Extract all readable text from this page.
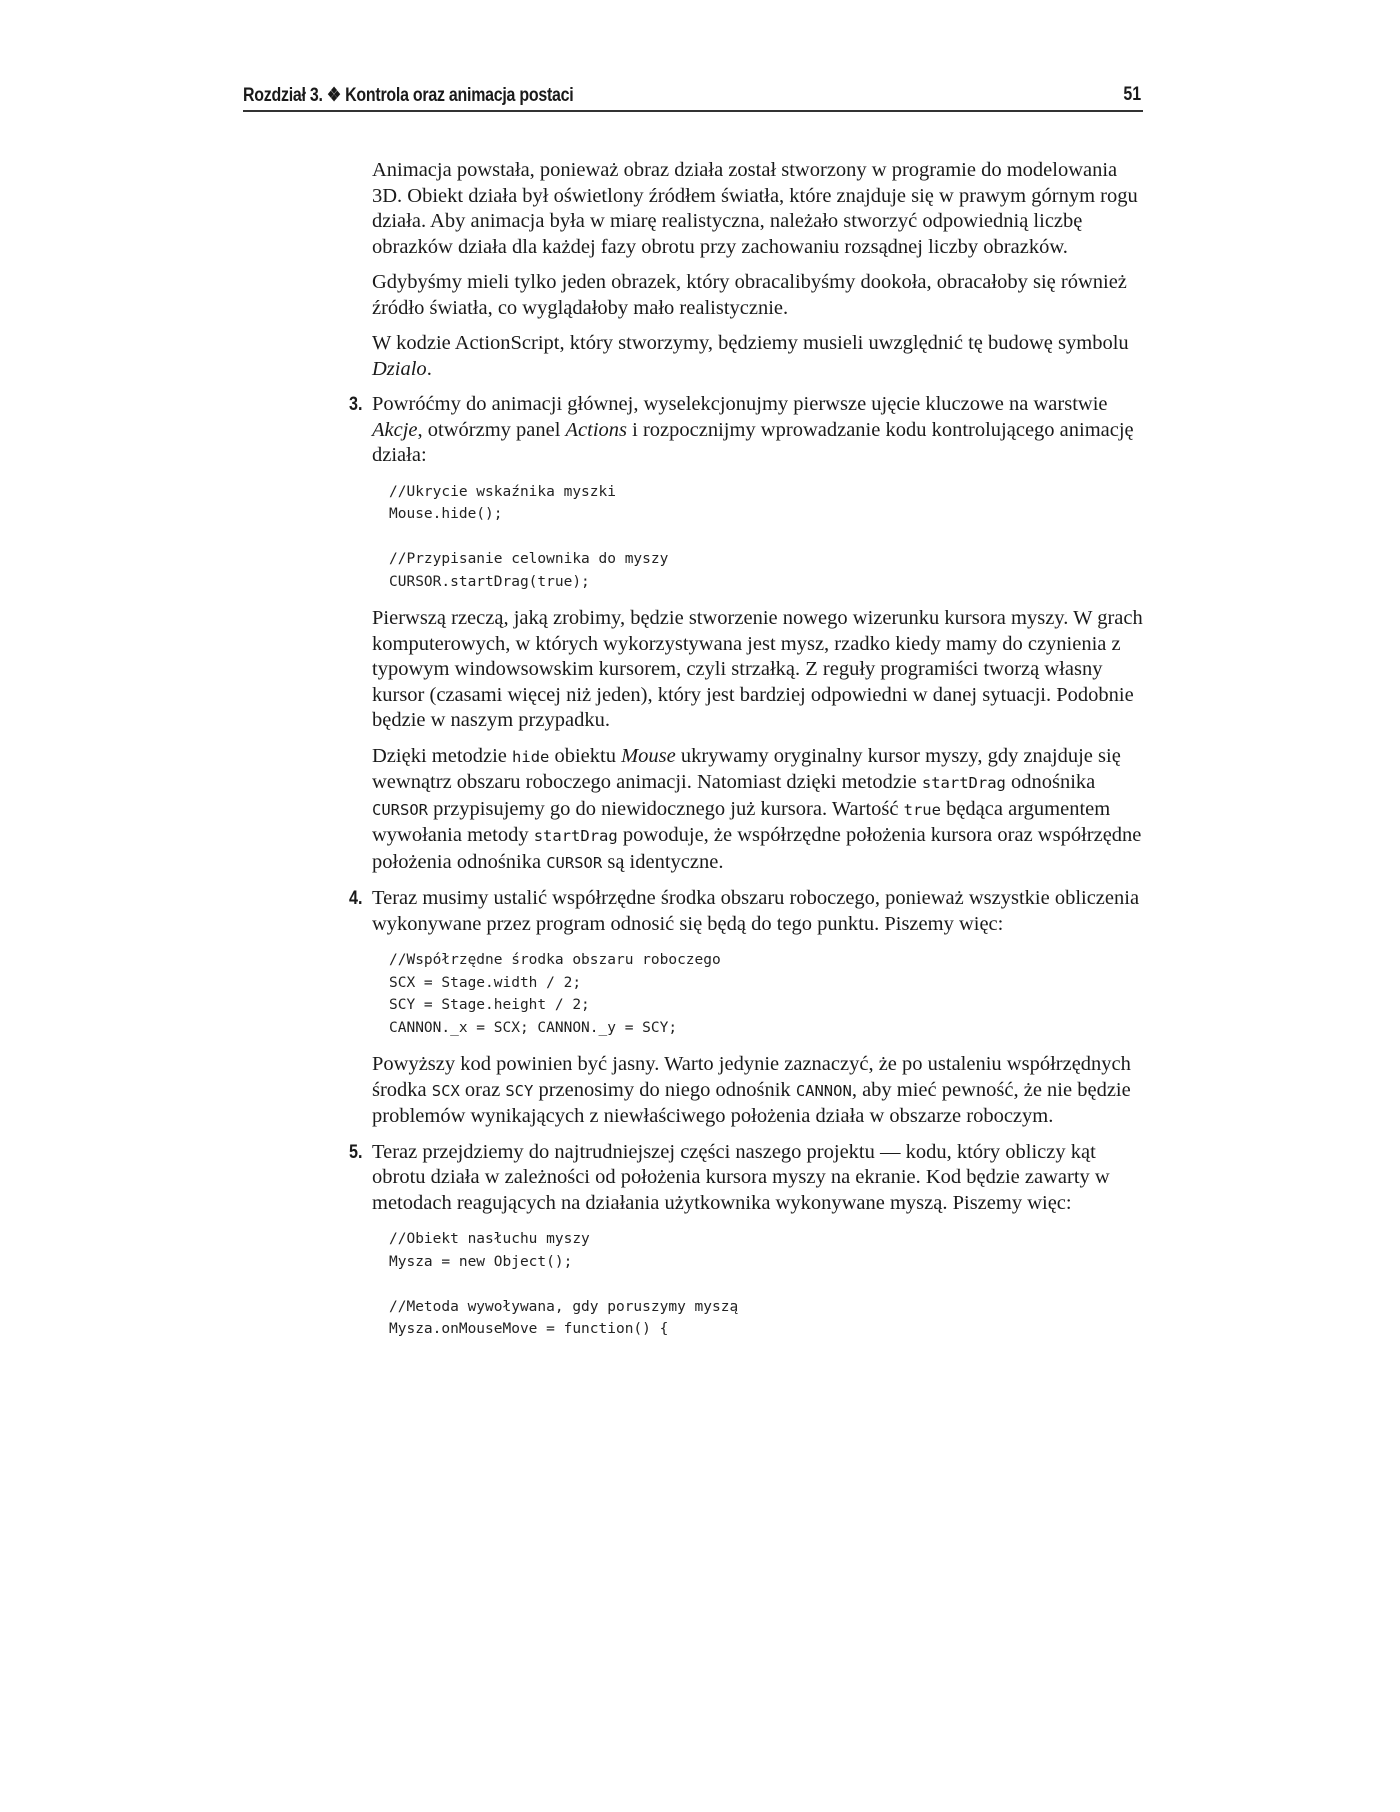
Rozdział 3. ❖ Kontrola oraz animacja postaci	51

Animacja powstała, ponieważ obraz działa został stworzony w programie do modelowania 3D. Obiekt działa był oświetlony źródłem światła, które znajduje się w prawym górnym rogu działa. Aby animacja była w miarę realistyczna, należało stworzyć odpowiednią liczbę obrazków działa dla każdej fazy obrotu przy zachowaniu rozsądnej liczby obrazków.

Gdybyśmy mieli tylko jeden obrazek, który obracalibyśmy dookoła, obracałoby się również źródło światła, co wyglądałoby mało realistycznie.

W kodzie ActionScript, który stworzymy, będziemy musieli uwzględnić tę budowę symbolu Dzialo.

3. Powróćmy do animacji głównej, wyselekcjonujmy pierwsze ujęcie kluczowe na warstwie Akcje, otwórzmy panel Actions i rozpocznijmy wprowadzanie kodu kontrolującego animację działa:

//Ukrycie wskaźnika myszki
Mouse.hide();

//Przypisanie celownika do myszy
CURSOR.startDrag(true);

Pierwszą rzeczą, jaką zrobimy, będzie stworzenie nowego wizerunku kursora myszy. W grach komputerowych, w których wykorzystywana jest mysz, rzadko kiedy mamy do czynienia z typowym windowsowskim kursorem, czyli strzałką. Z reguły programiści tworzą własny kursor (czasami więcej niż jeden), który jest bardziej odpowiedni w danej sytuacji. Podobnie będzie w naszym przypadku.

Dzięki metodzie hide obiektu Mouse ukrywamy oryginalny kursor myszy, gdy znajduje się wewnątrz obszaru roboczego animacji. Natomiast dzięki metodzie startDrag odnośnika CURSOR przypisujemy go do niewidocznego już kursora. Wartość true będąca argumentem wywołania metody startDrag powoduje, że współrzędne położenia kursora oraz współrzędne położenia odnośnika CURSOR są identyczne.

4. Teraz musimy ustalić współrzędne środka obszaru roboczego, ponieważ wszystkie obliczenia wykonywane przez program odnosić się będą do tego punktu. Piszemy więc:

//Współrzędne środka obszaru roboczego
SCX = Stage.width / 2;
SCY = Stage.height / 2;
CANNON._x = SCX; CANNON._y = SCY;

Powyższy kod powinien być jasny. Warto jedynie zaznaczyć, że po ustaleniu współrzędnych środka SCX oraz SCY przenosimy do niego odnośnik CANNON, aby mieć pewność, że nie będzie problemów wynikających z niewłaściwego położenia działa w obszarze roboczym.

5. Teraz przejdziemy do najtrudniejszej części naszego projektu — kodu, który obliczy kąt obrotu działa w zależności od położenia kursora myszy na ekranie. Kod będzie zawarty w metodach reagujących na działania użytkownika wykonywane myszą. Piszemy więc:

//Obiekt nasłuchu myszy
Mysza = new Object();

//Metoda wywoływana, gdy poruszymy myszą
Mysza.onMouseMove = function() {
